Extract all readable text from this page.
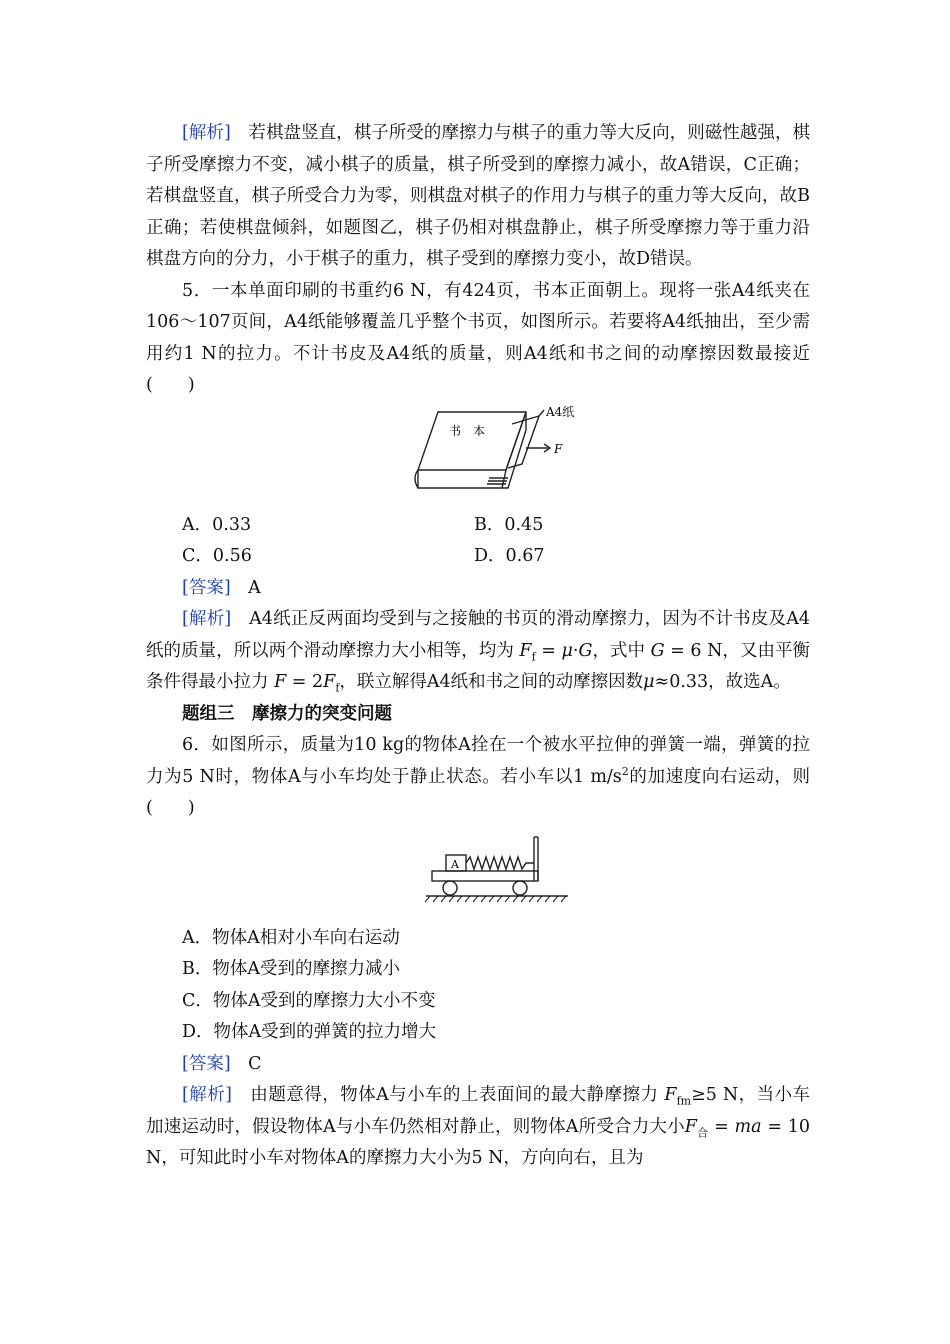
[解析]　 若棋盘竖直，棋子所受的摩擦力与棋子的重力等大反向，则磁性越强，棋子所受摩擦力不变，减小棋子的质量，棋子所受到的摩擦力减小，故A错误，C正确；若棋盘竖直，棋子所受合力为零，则棋盘对棋子的作用力与棋子的重力等大反向，故B正确；若使棋盘倾斜，如题图乙，棋子仍相对棋盘静止，棋子所受摩擦力等于重力沿棋盘方向的分力，小于棋子的重力，棋子受到的摩擦力变小，故D错误。

5．一本单面印刷的书重约6 N，有424页，书本正面朝上。现将一张A4纸夹在106～107页间，A4纸能够覆盖几乎整个书页，如图所示。若要将A4纸抽出，至少需用约1 N的拉力。不计书皮及A4纸的质量，则A4纸和书之间的动摩擦因数最接近(　　)

书　本
A4纸
F
A．0.33	B．0.45
C．0.56	D．0.67

[答案]　 A

[解析]　 A4纸正反两面均受到与之接触的书页的滑动摩擦力，因为不计书皮及A4纸的质量，所以两个滑动摩擦力大小相等，均为 $F_f = \mu\cdot G$，式中 G = 6 N，又由平衡条件得最小拉力 $F = 2F_f$，联立解得A4纸和书之间的动摩擦因数μ≈0.33，故选A。

题组三　摩擦力的突变问题

6．如图所示，质量为10 kg的物体A拴在一个被水平拉伸的弹簧一端，弹簧的拉力为5 N时，物体A与小车均处于静止状态。若小车以1 $m/s^2$的加速度向右运动，则(　　)

A
A．物体A相对小车向右运动
B．物体A受到的摩擦力减小
C．物体A受到的摩擦力大小不变
D．物体A受到的弹簧的拉力增大

[答案]　 C

[解析]　 由题意得，物体A与小车的上表面间的最大静摩擦力 $F_{fm}\ge 5$ N，当小车加速运动时，假设物体A与小车仍然相对静止，则物体A所受合力大小$F_合$ = ma = 10 N，可知此时小车对物体A的摩擦力大小为5 N，方向向右，且为
